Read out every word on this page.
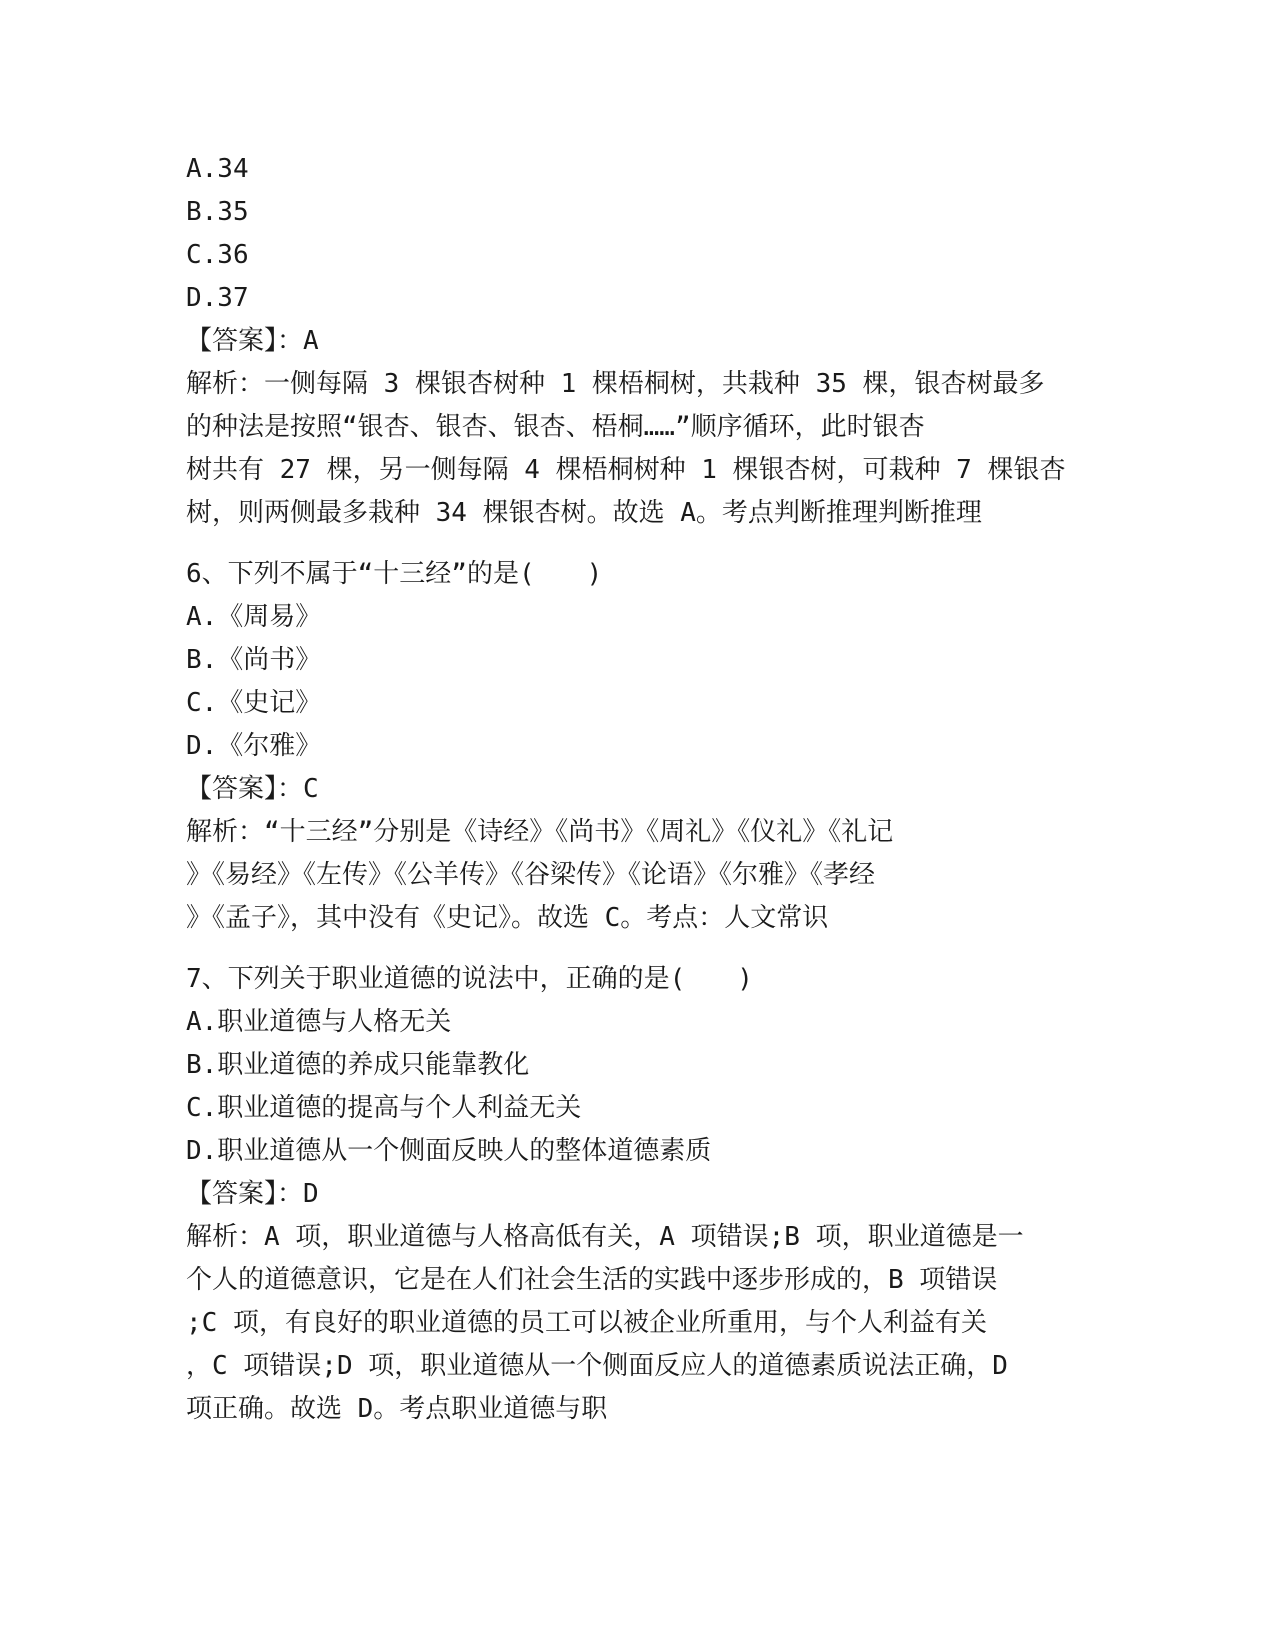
A.34
B.35
C.36
D.37
【答案】：A
解析：一侧每隔 3 棵银杏树种 1 棵梧桐树，共栽种 35 棵，银杏树最多
的种法是按照“银杏、银杏、银杏、梧桐……”顺序循环，此时银杏
树共有 27 棵，另一侧每隔 4 棵梧桐树种 1 棵银杏树，可栽种 7 棵银杏
树，则两侧最多栽种 34 棵银杏树。故选 A。考点判断推理判断推理
6、下列不属于“十三经”的是(　　)
A.《周易》
B.《尚书》
C.《史记》
D.《尔雅》
【答案】：C
解析：“十三经”分别是《诗经》《尚书》《周礼》《仪礼》《礼记
》《易经》《左传》《公羊传》《谷梁传》《论语》《尔雅》《孝经
》《孟子》，其中没有《史记》。故选 C。考点：人文常识
7、下列关于职业道德的说法中，正确的是(　　)
A.职业道德与人格无关
B.职业道德的养成只能靠教化
C.职业道德的提高与个人利益无关
D.职业道德从一个侧面反映人的整体道德素质
【答案】：D
解析：A 项，职业道德与人格高低有关，A 项错误;B 项，职业道德是一
个人的道德意识，它是在人们社会生活的实践中逐步形成的，B 项错误
;C 项，有良好的职业道德的员工可以被企业所重用，与个人利益有关
，C 项错误;D 项，职业道德从一个侧面反应人的道德素质说法正确，D
项正确。故选 D。考点职业道德与职
